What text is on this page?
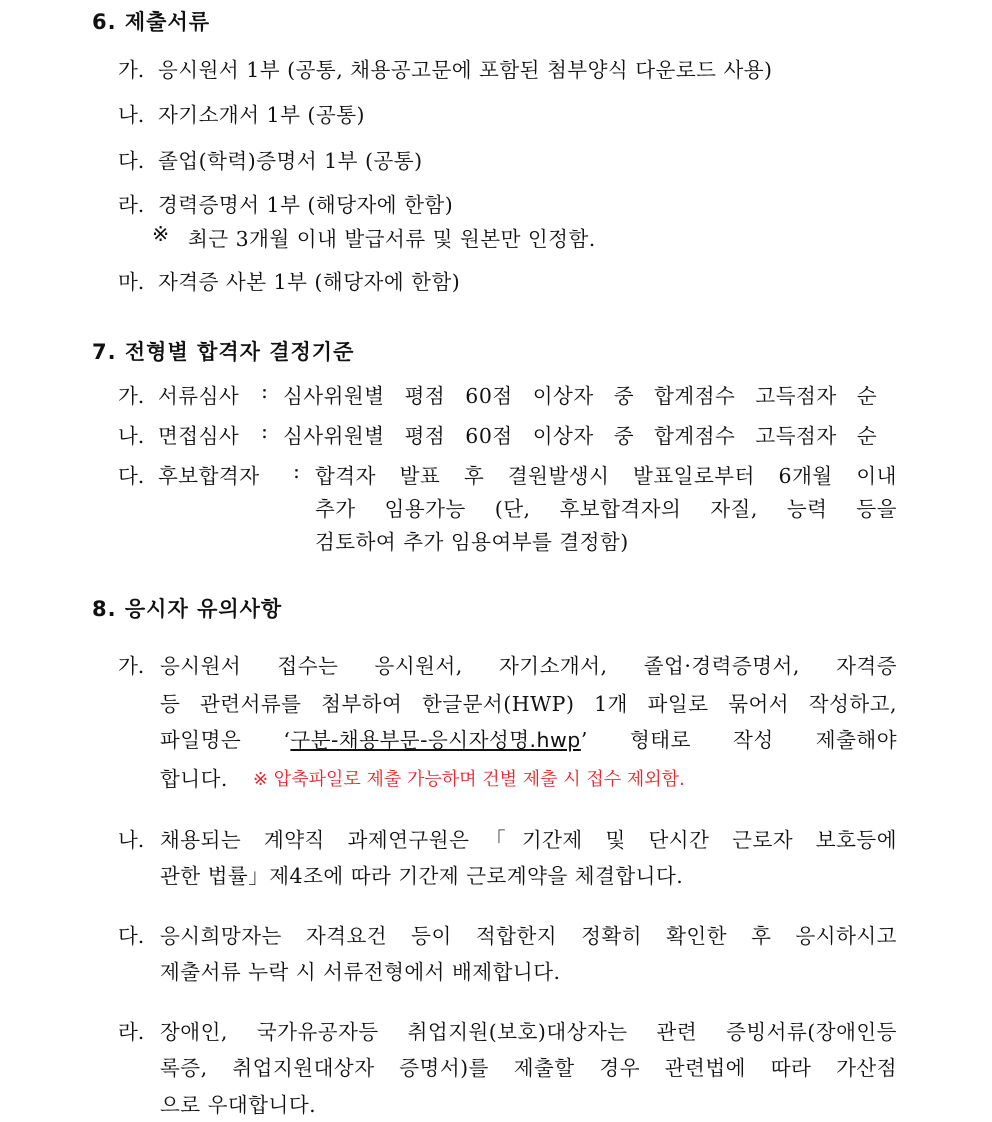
6. 제출서류
가. 응시원서 1부 (공통, 채용공고문에 포함된 첨부양식 다운로드 사용)
나. 자기소개서 1부 (공통)
다. 졸업(학력)증명서 1부 (공통)
라. 경력증명서 1부 (해당자에 한함)
※ 최근 3개월 이내 발급서류 및 원본만 인정함.
마. 자격증 사본 1부 (해당자에 한함)
7. 전형별 합격자 결정기준
가. 서류심사 : 심사위원별 평점 60점 이상자 중 합계점수 고득점자 순
나. 면접심사 : 심사위원별 평점 60점 이상자 중 합계점수 고득점자 순
다. 후보합격자 : 합격자 발표 후 결원발생시 발표일로부터 6개월 이내
추가 임용가능 (단, 후보합격자의 자질, 능력 등을
검토하여 추가 임용여부를 결정함)
8. 응시자 유의사항
가. 응시원서 접수는 응시원서, 자기소개서, 졸업·경력증명서, 자격증
등 관련서류를 첨부하여 한글문서(HWP) 1개 파일로 묶어서 작성하고,
파일명은 ‘구분-채용부문-응시자성명.hwp’ 형태로 작성 제출해야
합니다. ※ 압축파일로 제출 가능하며 건별 제출 시 접수 제외함.
나. 채용되는 계약직 과제연구원은「기간제 및 단시간 근로자 보호등에
관한 법률」제4조에 따라 기간제 근로계약을 체결합니다.
다. 응시희망자는 자격요건 등이 적합한지 정확히 확인한 후 응시하시고
제출서류 누락 시 서류전형에서 배제합니다.
라. 장애인, 국가유공자등 취업지원(보호)대상자는 관련 증빙서류(장애인등
록증, 취업지원대상자 증명서)를 제출할 경우 관련법에 따라 가산점
으로 우대합니다.
